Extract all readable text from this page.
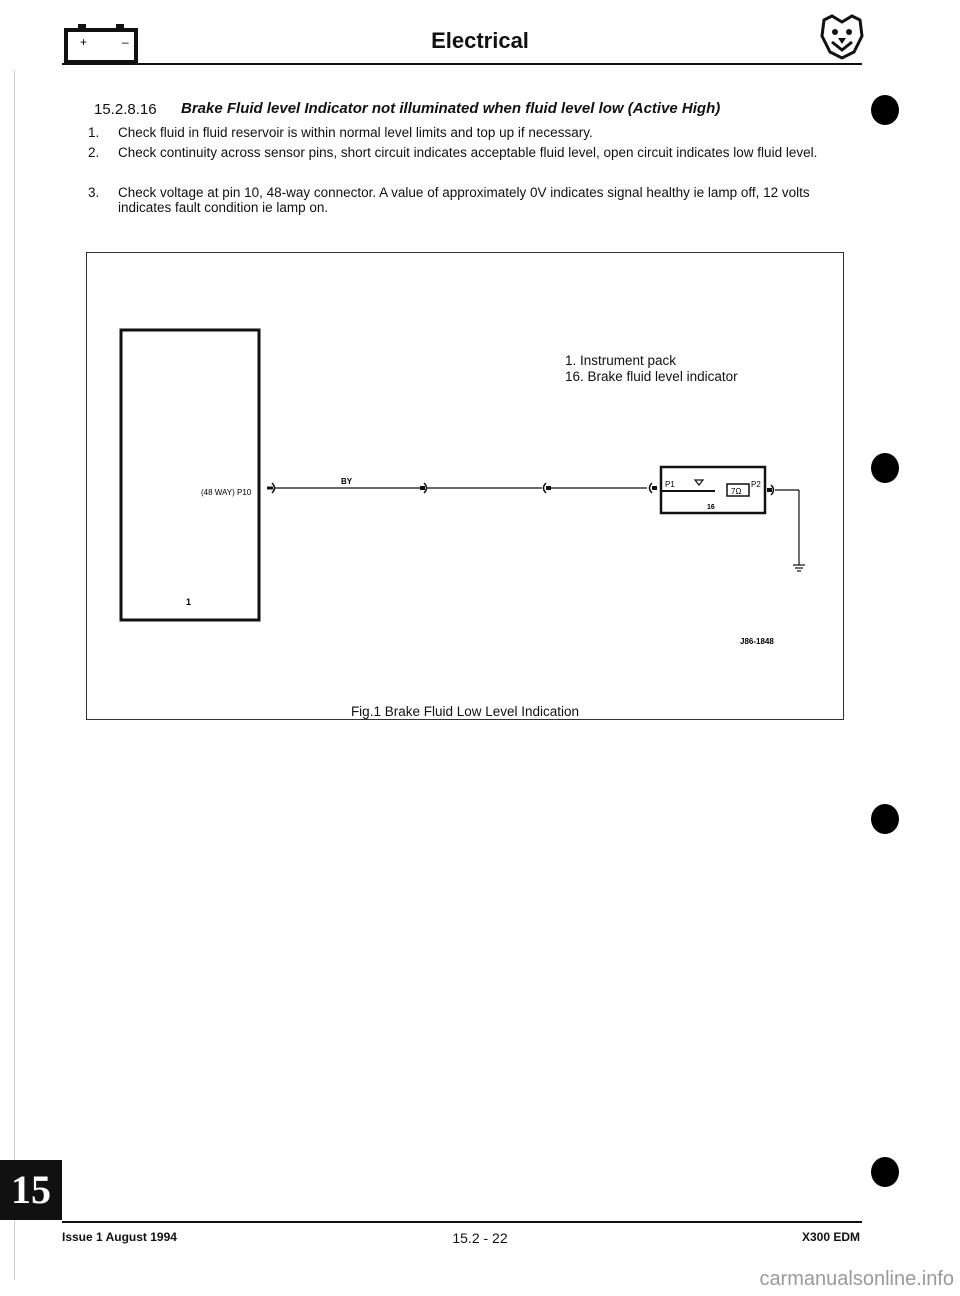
+	–	Electrical
15.2.8.16 Brake Fluid level Indicator not illuminated when fluid level low (Active High)
1. Check fluid in fluid reservoir is within normal level limits and top up if necessary.
2. Check continuity across sensor pins, short circuit indicates acceptable fluid level, open circuit indicates low fluid level.
3. Check voltage at pin 10, 48-way connector. A value of approximately 0V indicates signal healthy ie lamp off, 12 volts indicates fault condition ie lamp on.
(48 WAY) P10
1
BY	P1	P2
7Ω
16
J86-1848
1. Instrument pack
16. Brake fluid level indicator
Fig.1 Brake Fluid Low Level Indication
15
Issue 1 August 1994	15.2 - 22	X300 EDM
carmanualsonline.info
